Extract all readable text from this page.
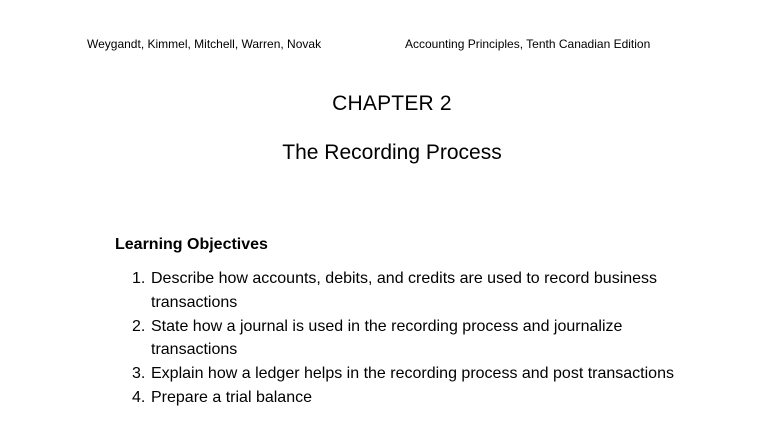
Weygandt, Kimmel, Mitchell, Warren, Novak	Accounting Principles, Tenth Canadian Edition
CHAPTER 2
The Recording Process
Learning Objectives
1. Describe how accounts, debits, and credits are used to record business transactions
2. State how a journal is used in the recording process and journalize transactions
3. Explain how a ledger helps in the recording process and post transactions
4. Prepare a trial balance
